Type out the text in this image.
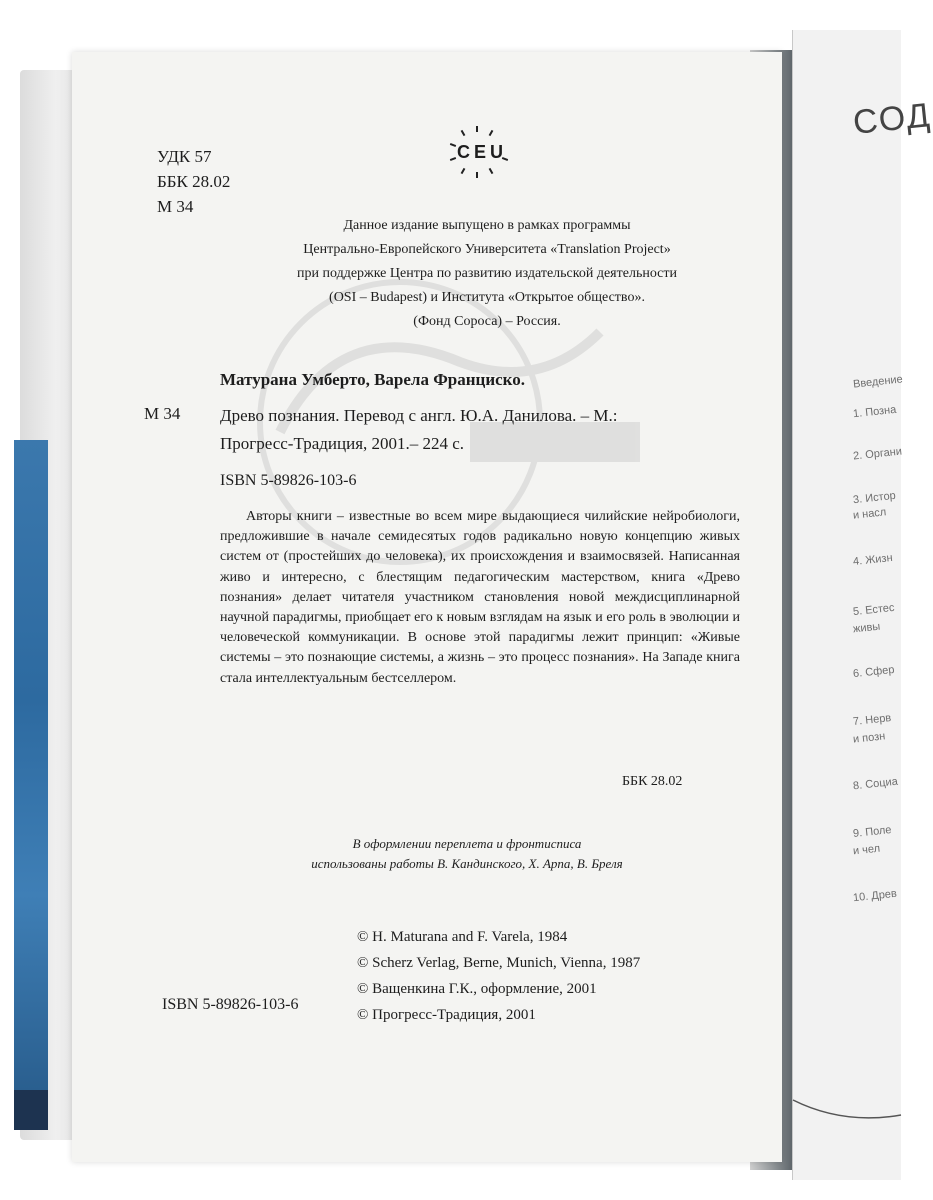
СОД
Введение
1. Позна
2. Органи
3. Истор
и насл
4. Жизн
5. Естес
живы
6. Сфер
7. Нерв
и позн
8. Социа
9. Поле
и чел
10. Древ
УДК 57
ББК 28.02
М 34
CEU
Данное издание выпущено в рамках программы
Центрально-Европейского Университета «Translation Project»
при поддержке Центра по развитию издательской деятельности
(OSI – Budapest) и Института «Открытое общество».
(Фонд Сороса) – Россия.
Матурана Умберто, Варела Франциско.
М 34 Древо познания. Перевод с англ. Ю.А. Данилова. – М.:
Прогресс-Традиция, 2001.– 224 с.
ISBN 5-89826-103-6
Авторы книги – известные во всем мире выдающиеся чилийские нейробиологи, предложившие в начале семидесятых годов радикально новую концепцию живых систем от (простейших до человека), их происхождения и взаимосвязей. Написанная живо и интересно, с блестящим педагогическим мастерством, книга «Древо познания» делает читателя участником становления новой междисциплинарной научной парадигмы, приобщает его к новым взглядам на язык и его роль в эволюции и человеческой коммуникации. В основе этой парадигмы лежит принцип: «Живые системы – это познающие системы, а жизнь – это процесс познания». На Западе книга стала интеллектуальным бестселлером.
ББК 28.02
В оформлении переплета и фронтисписа
использованы работы В. Кандинского, Х. Арпа, В. Бреля
© H. Maturana and F. Varela, 1984
© Scherz Verlag, Berne, Munich, Vienna, 1987
© Ващенкина Г.К., оформление, 2001
© Прогресс-Традиция, 2001
ISBN 5-89826-103-6
